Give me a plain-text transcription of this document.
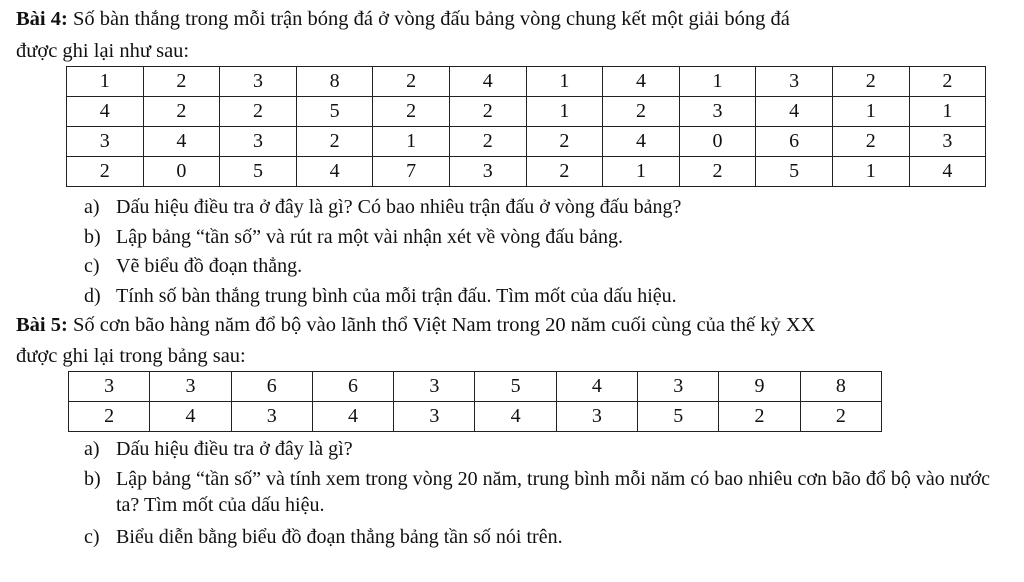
Bài 4: Số bàn thắng trong mỗi trận bóng đá ở vòng đấu bảng vòng chung kết một giải bóng đá
được ghi lại như sau:
1	2	3	8	2	4	1	4	1	3	2	2
4	2	2	5	2	2	1	2	3	4	1	1
3	4	3	2	1	2	2	4	0	6	2	3
2	0	5	4	7	3	2	1	2	5	1	4
a) Dấu hiệu điều tra ở đây là gì? Có bao nhiêu trận đấu ở vòng đấu bảng?
b) Lập bảng “tần số” và rút ra một vài nhận xét về vòng đấu bảng.
c) Vẽ biểu đồ đoạn thẳng.
d) Tính số bàn thắng trung bình của mỗi trận đấu. Tìm mốt của dấu hiệu.
Bài 5: Số cơn bão hàng năm đổ bộ vào lãnh thổ Việt Nam trong 20 năm cuối cùng của thế kỷ XX
được ghi lại trong bảng sau:
3	3	6	6	3	5	4	3	9	8
2	4	3	4	3	4	3	5	2	2
a) Dấu hiệu điều tra ở đây là gì?
b) Lập bảng “tần số” và tính xem trong vòng 20 năm, trung bình mỗi năm có bao nhiêu cơn bão đổ bộ vào nước ta? Tìm mốt của dấu hiệu.
c) Biểu diễn bằng biểu đồ đoạn thẳng bảng tần số nói trên.
